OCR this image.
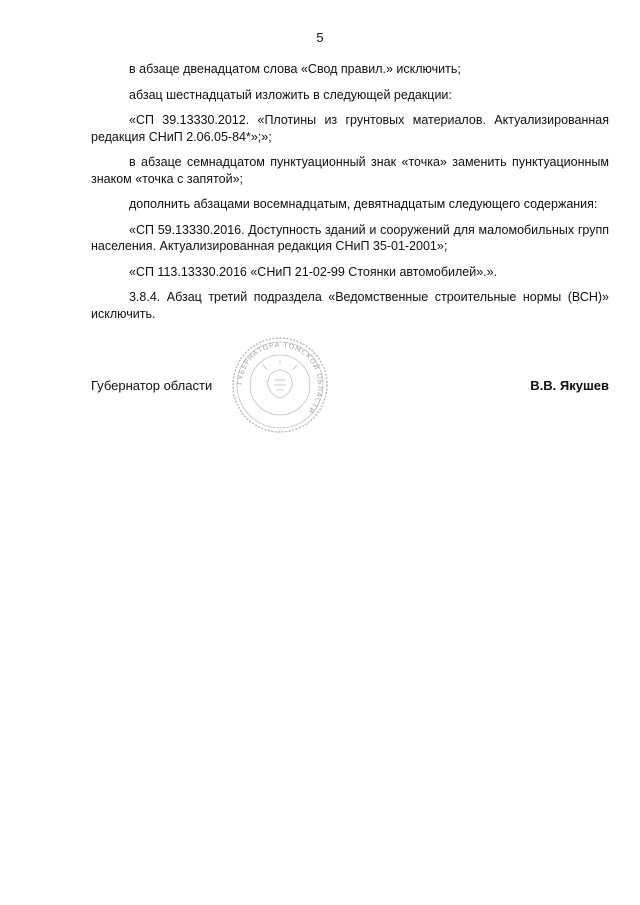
5

в абзаце двенадцатом слова «Свод правил.» исключить;

абзац шестнадцатый изложить в следующей редакции:

«СП 39.13330.2012. «Плотины из грунтовых материалов. Актуализированная редакция СНиП 2.06.05-84*»;»;

в абзаце семнадцатом пунктуационный знак «точка» заменить пунктуационным знаком «точка с запятой»;

дополнить абзацами восемнадцатым, девятнадцатым следующего содержания:

«СП 59.13330.2016. Доступность зданий и сооружений для маломобильных групп населения. Актуализированная редакция СНиП 35-01-2001»;

«СП 113.13330.2016 «СНиП 21-02-99 Стоянки автомобилей».».

3.8.4. Абзац третий подраздела «Ведомственные строительные нормы (ВСН)» исключить.

ГУБЕРНАТОРА ТОМСКОЙ ОБЛАСТИ
Губернатор области	В.В. Якушев
